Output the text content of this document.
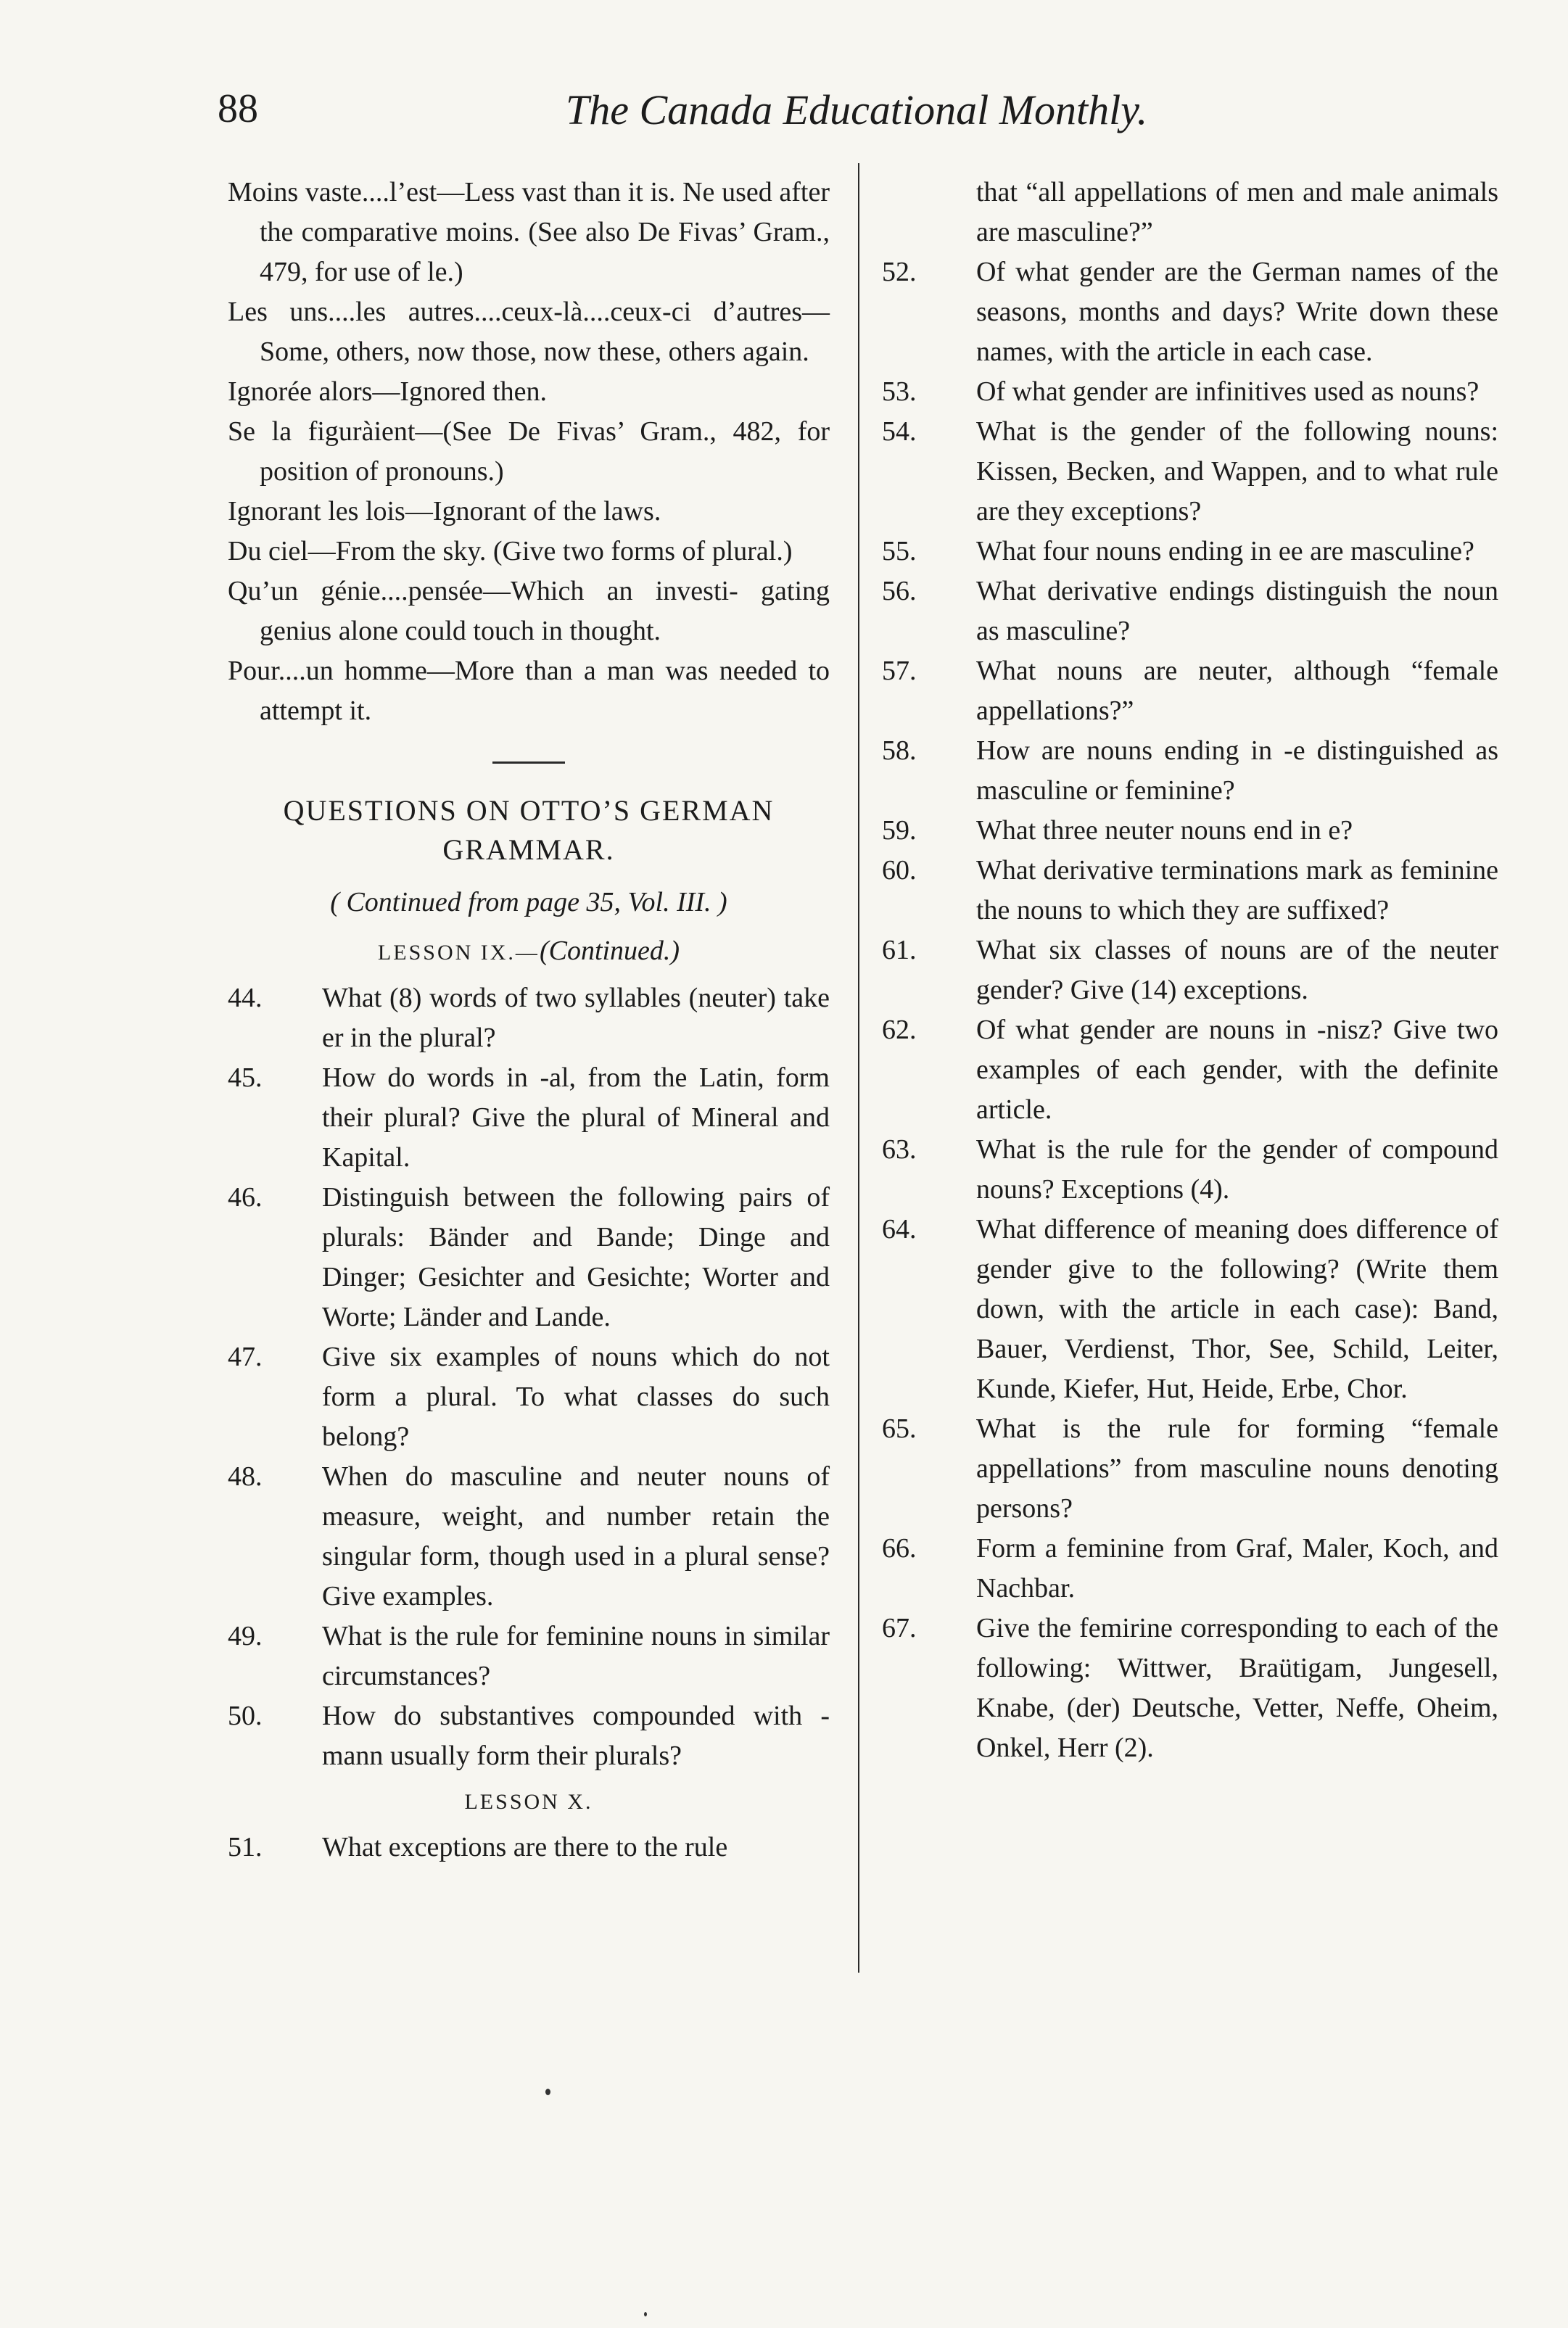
88	The Canada Educational Monthly.

Moins vaste....l’est—Less vast than it is. Ne used after the comparative moins. (See also De Fivas’ Gram., 479, for use of le.)

Les uns....les autres....ceux-là....ceux-ci d’autres—Some, others, now those, now these, others again.

Ignorée alors—Ignored then.

Se la figuràient—(See De Fivas’ Gram., 482, for position of pronouns.)

Ignorant les lois—Ignorant of the laws.

Du ciel—From the sky. (Give two forms of plural.)

Qu’un génie....pensée—Which an investi- gating genius alone could touch in thought.

Pour....un homme—More than a man was needed to attempt it.

QUESTIONS ON OTTO’S GERMAN
GRAMMAR.

( Continued from page 35, Vol. III. )

LESSON IX.—(Continued.)

44. What (8) words of two syllables (neuter) take er in the plural?

45. How do words in -al, from the Latin, form their plural? Give the plural of Mineral and Kapital.

46. Distinguish between the following pairs of plurals: Bänder and Bande; Dinge and Dinger; Gesichter and Gesichte; Worter and Worte; Länder and Lande.

47. Give six examples of nouns which do not form a plural. To what classes do such belong?

48. When do masculine and neuter nouns of measure, weight, and number retain the singular form, though used in a plural sense? Give examples.

49. What is the rule for feminine nouns in similar circumstances?

50. How do substantives compounded with -mann usually form their plurals?

LESSON X.

51. What exceptions are there to the rule

that “all appellations of men and male animals are masculine?”

52. Of what gender are the German names of the seasons, months and days? Write down these names, with the article in each case.

53. Of what gender are infinitives used as nouns?

54. What is the gender of the following nouns: Kissen, Becken, and Wappen, and to what rule are they exceptions?

55. What four nouns ending in ee are masculine?

56. What derivative endings distinguish the noun as masculine?

57. What nouns are neuter, although “female appellations?”

58. How are nouns ending in -e distinguished as masculine or feminine?

59. What three neuter nouns end in e?

60. What derivative terminations mark as feminine the nouns to which they are suffixed?

61. What six classes of nouns are of the neuter gender? Give (14) exceptions.

62. Of what gender are nouns in -nisz? Give two examples of each gender, with the definite article.

63. What is the rule for the gender of compound nouns? Exceptions (4).

64. What difference of meaning does difference of gender give to the following? (Write them down, with the article in each case): Band, Bauer, Verdienst, Thor, See, Schild, Leiter, Kunde, Kiefer, Hut, Heide, Erbe, Chor.

65. What is the rule for forming “female appellations” from masculine nouns denoting persons?

66. Form a feminine from Graf, Maler, Koch, and Nachbar.

67. Give the femirine corresponding to each of the following: Wittwer, Braütigam, Jungesell, Knabe, (der) Deutsche, Vetter, Neffe, Oheim, Onkel, Herr (2).
